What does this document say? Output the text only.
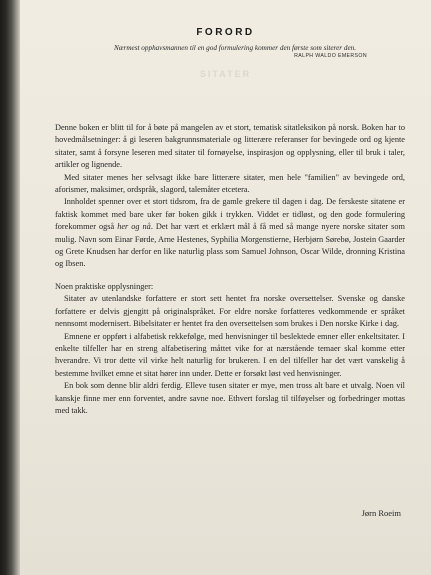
FORORD
Nærmest opphavsmannen til en god formulering kommer den første som siterer den.
RALPH WALDO EMERSON
SITATER

Denne boken er blitt til for å bøte på mangelen av et stort, tematisk sitatleksikon på norsk. Boken har to hovedmålsetninger: å gi leseren bakgrunnsmateriale og litterære referanser for bevingede ord og kjente sitater, samt å forsyne leseren med sitater til fornøyelse, inspirasjon og opplysning, eller til bruk i taler, artikler og lignende.

Med sitater menes her selvsagt ikke bare litterære sitater, men hele "familien" av bevingede ord, aforismer, maksimer, ordspråk, slagord, talemåter etcetera.

Innholdet spenner over et stort tidsrom, fra de gamle grekere til dagen i dag. De ferskeste sitatene er faktisk kommet med bare uker før boken gikk i trykken. Viddet er tidløst, og den gode formulering forekommer også her og nå. Det har vært et erklært mål å få med så mange nyere norske sitater som mulig. Navn som Einar Førde, Arne Hestenes, Syphilia Morgenstierne, Herbjørn Sørebø, Jostein Gaarder og Grete Knudsen har derfor en like naturlig plass som Samuel Johnson, Oscar Wilde, dronning Kristina og Ibsen.

Noen praktiske opplysninger:

Sitater av utenlandske forfattere er stort sett hentet fra norske oversettelser. Svenske og danske forfattere er delvis gjengitt på originalspråket. For eldre norske forfatteres vedkommende er språket nennsomt modernisert. Bibelsitater er hentet fra den oversettelsen som brukes i Den norske Kirke i dag.

Emnene er oppført i alfabetisk rekkefølge, med henvisninger til beslektede emner eller enkeltsitater. I enkelte tilfeller har en streng alfabetisering måttet vike for at nærstående temaer skal komme etter hverandre. Vi tror dette vil virke helt naturlig for brukeren. I en del tilfeller har det vært vanskelig å bestemme hvilket emne et sitat hører inn under. Dette er forsøkt løst ved henvisninger.

En bok som denne blir aldri ferdig. Elleve tusen sitater er mye, men tross alt bare et utvalg. Noen vil kanskje finne mer enn forventet, andre savne noe. Ethvert forslag til tilføyelser og forbedringer mottas med takk.

Jørn Roeim
